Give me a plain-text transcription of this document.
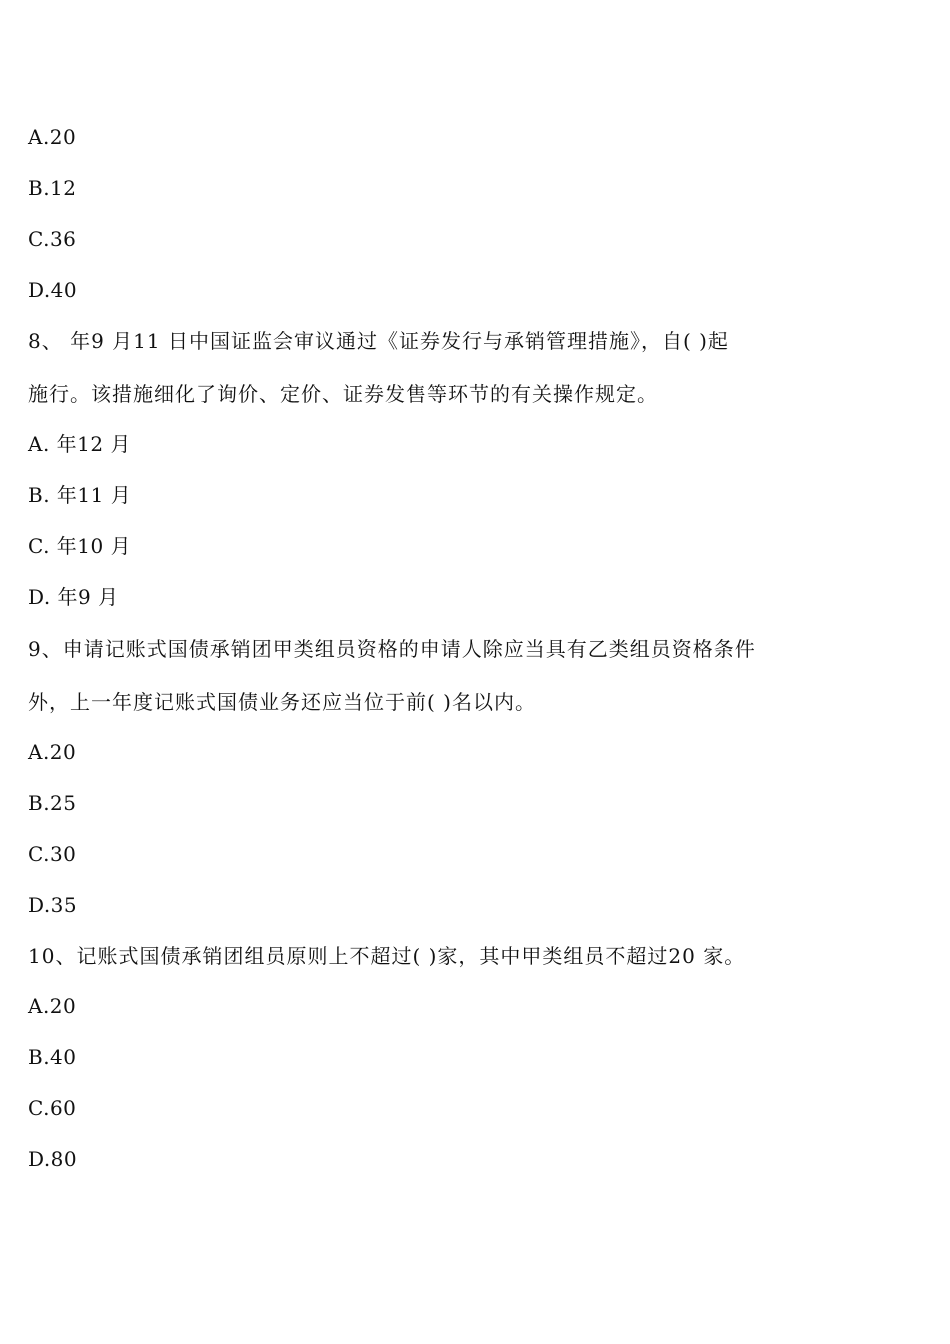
A.20
B.12
C.36
D.40
8、 年9 月11 日中国证监会审议通过《证券发行与承销管理措施》，自( )起
施行。该措施细化了询价、定价、证券发售等环节的有关操作规定。
A. 年12 月
B. 年11 月
C. 年10 月
D. 年9 月
9、申请记账式国债承销团甲类组员资格的申请人除应当具有乙类组员资格条件
外，上一年度记账式国债业务还应当位于前( )名以内。
A.20
B.25
C.30
D.35
10、记账式国债承销团组员原则上不超过( )家，其中甲类组员不超过20 家。
A.20
B.40
C.60
D.80
